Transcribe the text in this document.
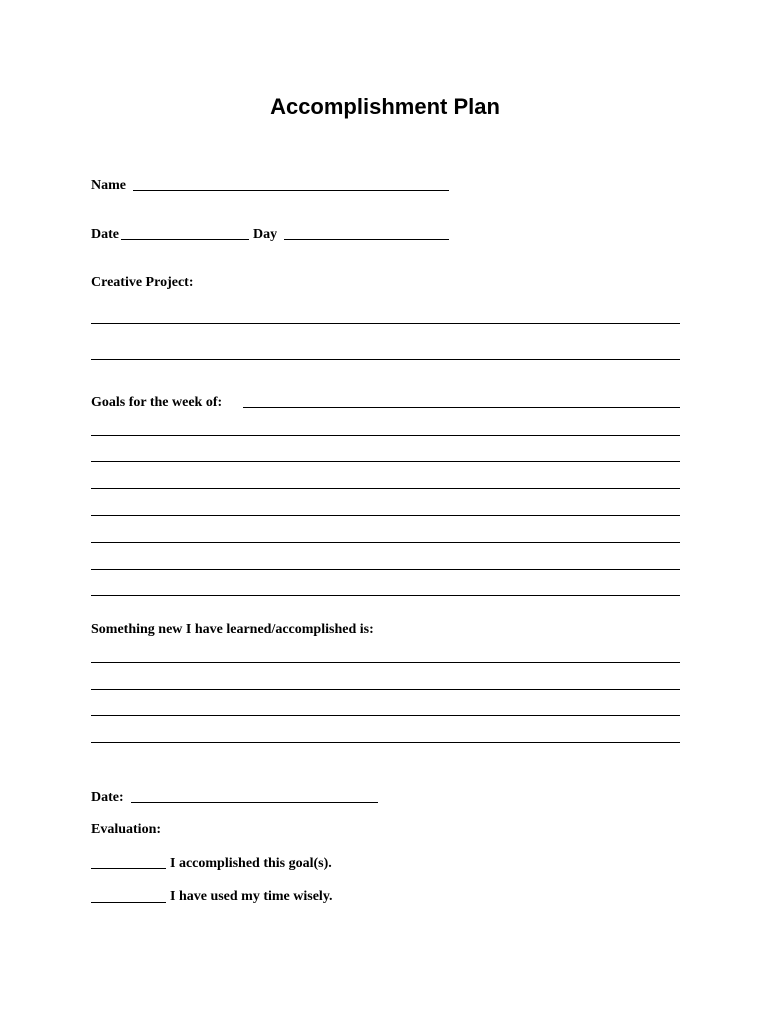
Accomplishment Plan
Name
Date	Day
Creative Project:
Goals for the week of:
Something new I have learned/accomplished is:
Date:
Evaluation:
I accomplished this goal(s).
I have used my time wisely.
